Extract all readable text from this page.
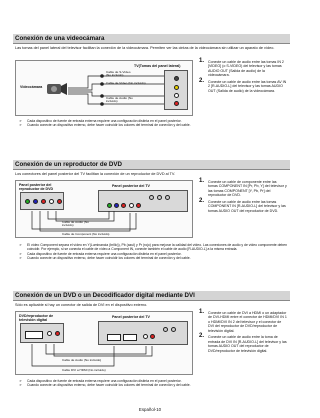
Conexión de una videocámara
Las tomas del panel lateral del televisor facilitan la conexión de la videocámara. Permiten ver las cintas de la videocámara sin utilizar un aparato de vídeo.
TV(Tomas del panel lateral)
Videocámara
Cable de S-Vídeo (No incluido)
Cable de Vídeo (No incluido)
Cable de Audio (No incluido)
1. Conecte un cable de audio entre las tomas IN 2 [VIDEO] (o S-VIDEO) del televisor y las tomas AUDIO OUT (Salida de audio) de la videocámara.
2. Conecte un cable de audio entre las tomas AV IN 2 [R-AUDIO-L] del televisor y las tomas AUDIO OUT (Salida de audio) de la videocámara.
➢ Cada dispositivo de fuente de entrada externa requiere una configuración distinta en el panel posterior.
➢ Cuando conecte un dispositivo externo, debe hacer coincidir los colores del terminal de conexión y del cable.
Conexión de un reproductor de DVD
Los conectores del panel posterior del TV facilitan la conexión de un reproductor de DVD al TV.
Panel posterior del reproductor de DVD
Panel posterior del TV
Cable de Audio (No incluido)
Cable de Component (No incluido)
1. Conecte un cable de componente entre las tomas COMPONENT IN [Pr, Pb, Y] del televisor y las tomas COMPONENT [Y, Pb, Pr] del reproductor de DVD.
2. Conecte un cable de audio entre las tomas COMPONENT IN [R-AUDIO-L] del televisor y las tomas AUDIO OUT del reproductor de DVD.
➢ El vídeo Component separa el vídeo en Y(Luminancia (brillo)), Pb (azul) y Pr (rojo) para mejorar la calidad del vídeo. Las conexiones de audio y de vídeo componente deben coincidir. Por ejemplo, si se conecta el cable de vídeo a Component IN, conecte también el cable de audio [R-AUDIO-L] a la misma entrada.
➢ Cada dispositivo de fuente de entrada externa requiere una configuración distinta en el panel posterior.
➢ Cuando conecte un dispositivo externo, debe hacer coincidir los colores del terminal de conexión y del cable.
Conexión de un DVD o un Decodificador digital mediante DVI
Sólo es aplicable si hay un conector de salida de DVI en el dispositivo externo.
DVD/reproductor de televisión digital
Panel posterior del TV
Cable de Audio (No incluido)
Cable DVI a HDMI (No incluido)
1. Conecte un cable de DVI a HDMI o un adaptador de DVI-HDMI entre el conector de HDMI/DVI IN 1 o HDMI/DVI IN 2 del televisor y el conector de DVI del reproductor de DVD/reproductor de televisión digital.
2. Conecte un cable de audio entre la toma de entrada de DVI IN [R-AUDIO-L] del televisor y las tomas AUDIO OUT del reproductor de DVD/reproductor de televisión digital.
➢ Cada dispositivo de fuente de entrada externa requiere una configuración distinta en el panel posterior.
➢ Cuando conecte un dispositivo externo, debe hacer coincidir los colores del terminal de conexión y del cable.
Español-10
